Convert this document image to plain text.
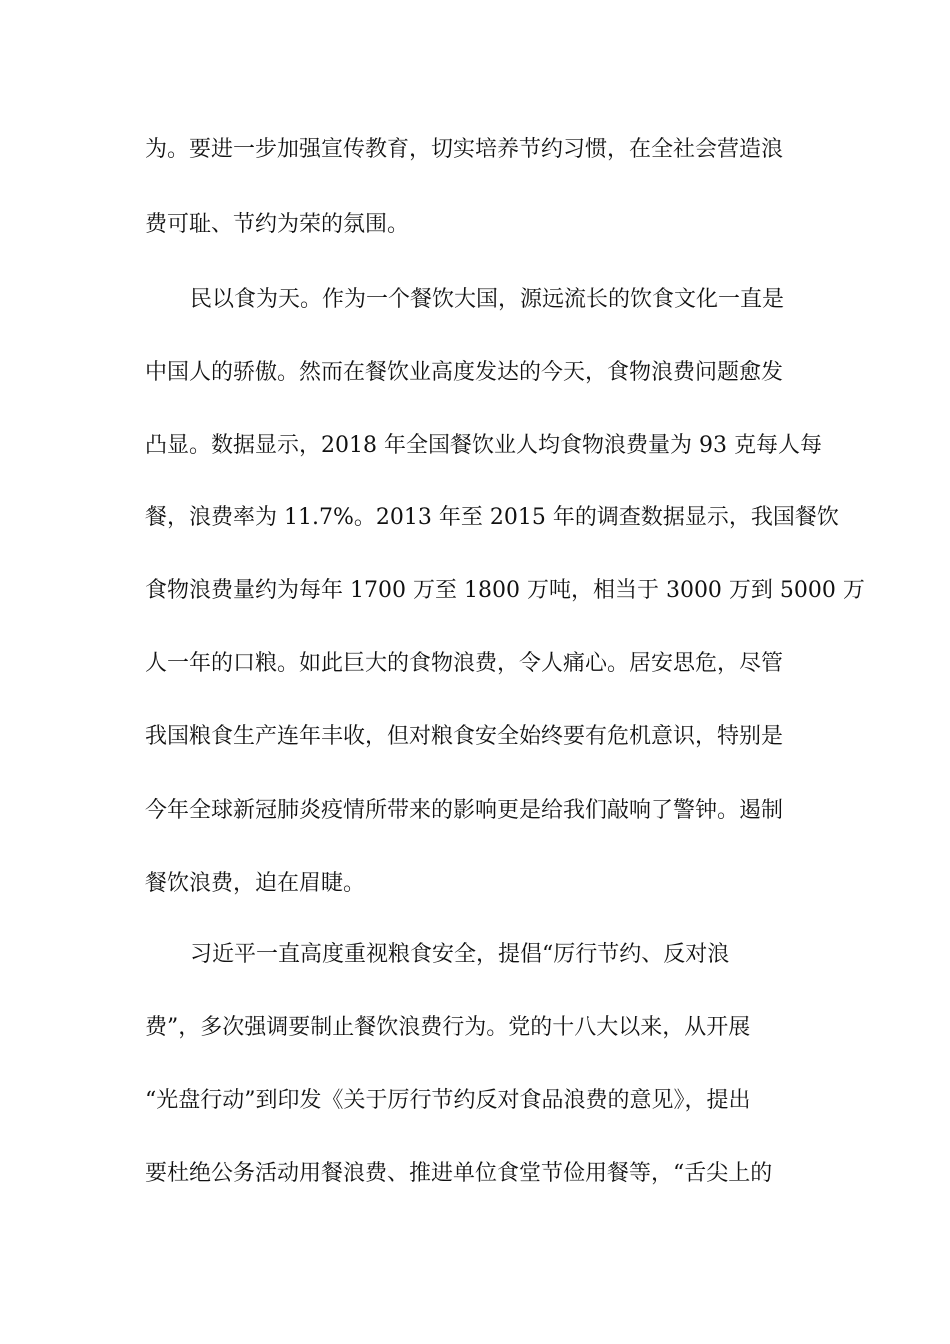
为。要进一步加强宣传教育，切实培养节约习惯，在全社会营造浪
费可耻、节约为荣的氛围。
民以食为天。作为一个餐饮大国，源远流长的饮食文化一直是
中国人的骄傲。然而在餐饮业高度发达的今天，食物浪费问题愈发
凸显。数据显示，2018 年全国餐饮业人均食物浪费量为 93 克每人每
餐，浪费率为 11.7%。2013 年至 2015 年的调查数据显示，我国餐饮
食物浪费量约为每年 1700 万至 1800 万吨，相当于 3000 万到 5000 万
人一年的口粮。如此巨大的食物浪费，令人痛心。居安思危，尽管
我国粮食生产连年丰收，但对粮食安全始终要有危机意识，特别是
今年全球新冠肺炎疫情所带来的影响更是给我们敲响了警钟。遏制
餐饮浪费，迫在眉睫。
习近平一直高度重视粮食安全，提倡“厉行节约、反对浪
费”，多次强调要制止餐饮浪费行为。党的十八大以来，从开展
“光盘行动”到印发《关于厉行节约反对食品浪费的意见》，提出
要杜绝公务活动用餐浪费、推进单位食堂节俭用餐等，“舌尖上的
